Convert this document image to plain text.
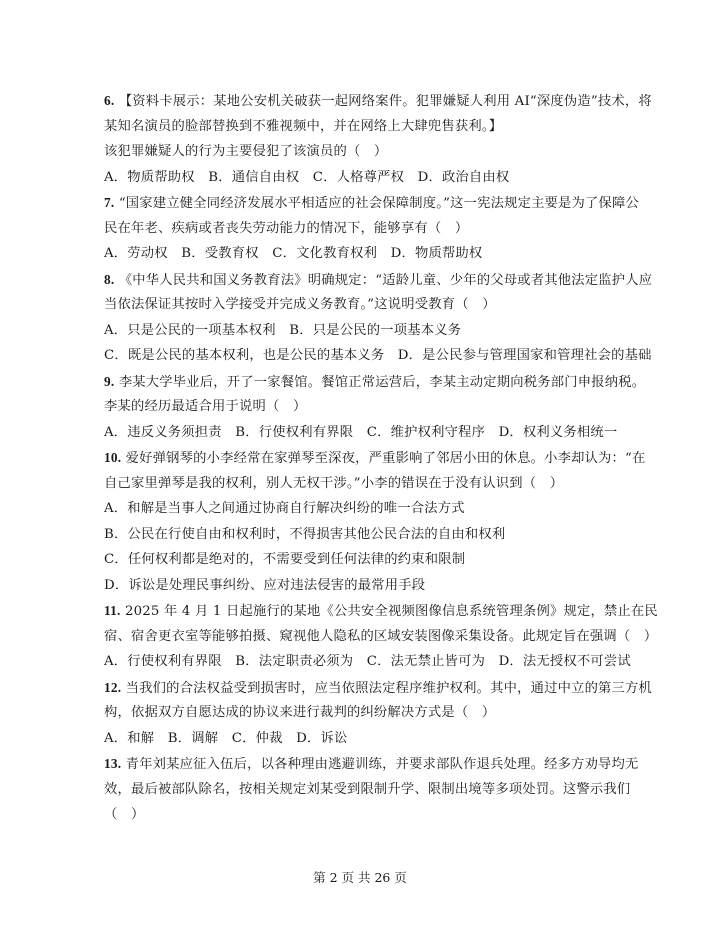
6. 【资料卡展示：某地公安机关破获一起网络案件。犯罪嫌疑人利用 AI“深度伪造”技术，将
某知名演员的脸部替换到不雅视频中，并在网络上大肆兜售获利。】
该犯罪嫌疑人的行为主要侵犯了该演员的（　）
A．物质帮助权　B．通信自由权　C．人格尊严权　D．政治自由权
7. “国家建立健全同经济发展水平相适应的社会保障制度。”这一宪法规定主要是为了保障公
民在年老、疾病或者丧失劳动能力的情况下，能够享有（　）
A．劳动权　B．受教育权　C．文化教育权利　D．物质帮助权
8. 《中华人民共和国义务教育法》明确规定：“适龄儿童、少年的父母或者其他法定监护人应
当依法保证其按时入学接受并完成义务教育。”这说明受教育（　）
A．只是公民的一项基本权利　B．只是公民的一项基本义务
C．既是公民的基本权利，也是公民的基本义务　D．是公民参与管理国家和管理社会的基础
9. 李某大学毕业后，开了一家餐馆。餐馆正常运营后，李某主动定期向税务部门申报纳税。
李某的经历最适合用于说明（　）
A．违反义务须担责　B．行使权利有界限　C．维护权利守程序　D．权利义务相统一
10. 爱好弹钢琴的小李经常在家弹琴至深夜，严重影响了邻居小田的休息。小李却认为：“在
自己家里弹琴是我的权利，别人无权干涉。”小李的错误在于没有认识到（　）
A．和解是当事人之间通过协商自行解决纠纷的唯一合法方式
B．公民在行使自由和权利时，不得损害其他公民合法的自由和权利
C．任何权利都是绝对的，不需要受到任何法律的约束和限制
D．诉讼是处理民事纠纷、应对违法侵害的最常用手段
11. 2025 年 4 月 1 日起施行的某地《公共安全视频图像信息系统管理条例》规定，禁止在民
宿、宿舍更衣室等能够拍摄、窥视他人隐私的区域安装图像采集设备。此规定旨在强调（　）
A．行使权利有界限　B．法定职责必须为　C．法无禁止皆可为　D．法无授权不可尝试
12. 当我们的合法权益受到损害时，应当依照法定程序维护权利。其中，通过中立的第三方机
构，依据双方自愿达成的协议来进行裁判的纠纷解决方式是（　）
A．和解　B．调解　C．仲裁　D．诉讼
13. 青年刘某应征入伍后，以各种理由逃避训练，并要求部队作退兵处理。经多方劝导均无
效，最后被部队除名，按相关规定刘某受到限制升学、限制出境等多项处罚。这警示我们
（　）
第 2 页 共 26 页
